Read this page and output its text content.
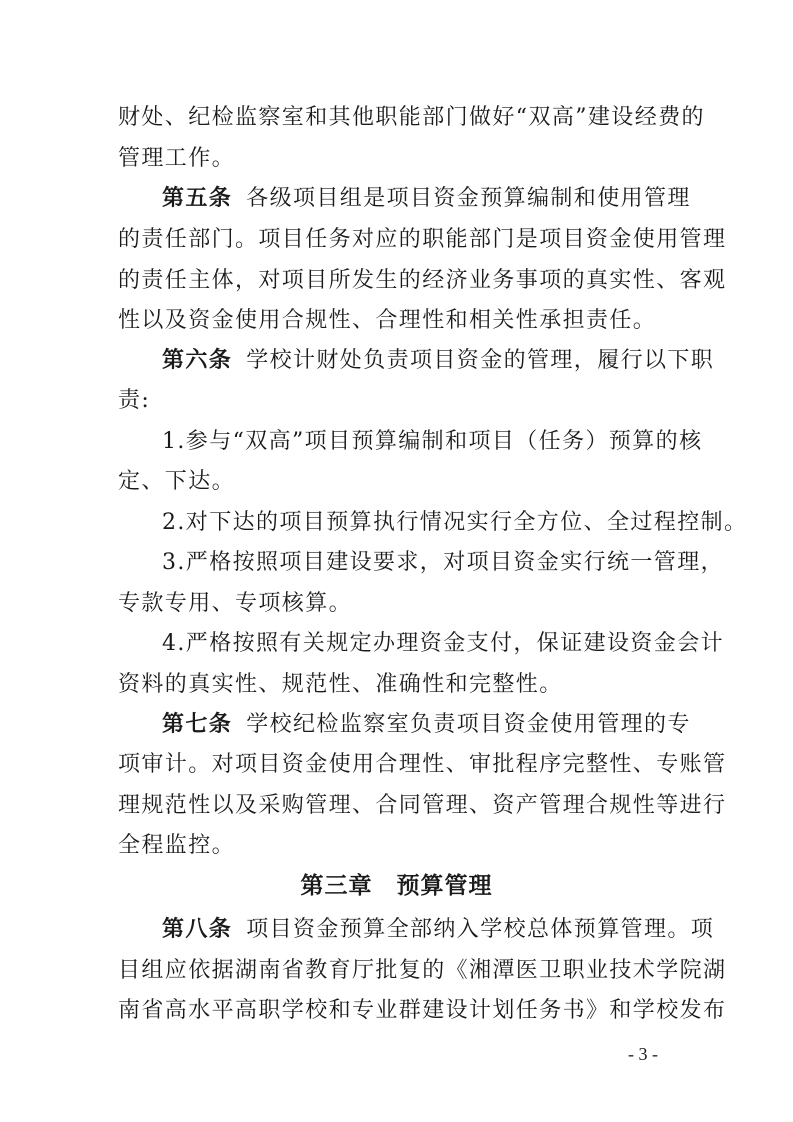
财处、纪检监察室和其他职能部门做好“双高”建设经费的
管理工作。
第五条 各级项目组是项目资金预算编制和使用管理
的责任部门。项目任务对应的职能部门是项目资金使用管理
的责任主体，对项目所发生的经济业务事项的真实性、客观
性以及资金使用合规性、合理性和相关性承担责任。
第六条 学校计财处负责项目资金的管理，履行以下职
责:
1.参与“双高”项目预算编制和项目（任务）预算的核
定、下达。
2.对下达的项目预算执行情况实行全方位、全过程控制。
3.严格按照项目建设要求，对项目资金实行统一管理，
专款专用、专项核算。
4.严格按照有关规定办理资金支付，保证建设资金会计
资料的真实性、规范性、准确性和完整性。
第七条 学校纪检监察室负责项目资金使用管理的专
项审计。对项目资金使用合理性、审批程序完整性、专账管
理规范性以及采购管理、合同管理、资产管理合规性等进行
全程监控。
第三章　预算管理
第八条 项目资金预算全部纳入学校总体预算管理。项
目组应依据湖南省教育厅批复的《湘潭医卫职业技术学院湖
南省高水平高职学校和专业群建设计划任务书》和学校发布
- 3 -
